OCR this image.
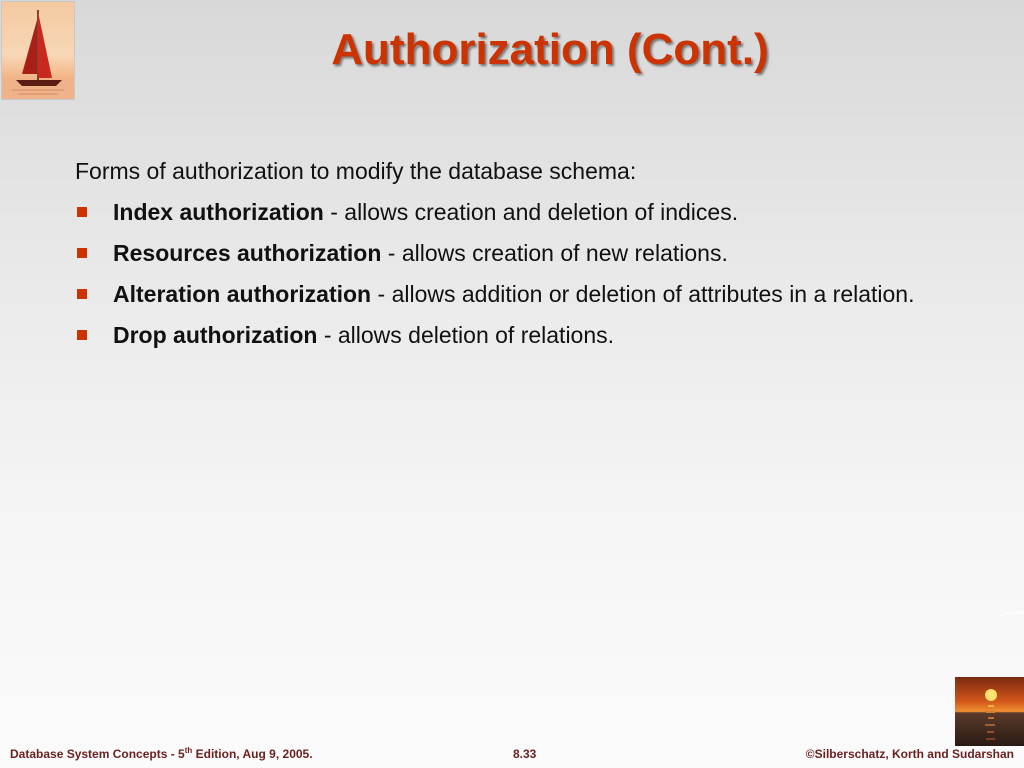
Authorization (Cont.)
Forms of authorization to modify the database schema:
Index authorization - allows creation and deletion of indices.
Resources authorization - allows creation of new relations.
Alteration authorization - allows addition or deletion of attributes in a relation.
Drop authorization - allows deletion of relations.
Database System Concepts - 5th Edition, Aug 9, 2005.	8.33	©Silberschatz, Korth and Sudarshan
